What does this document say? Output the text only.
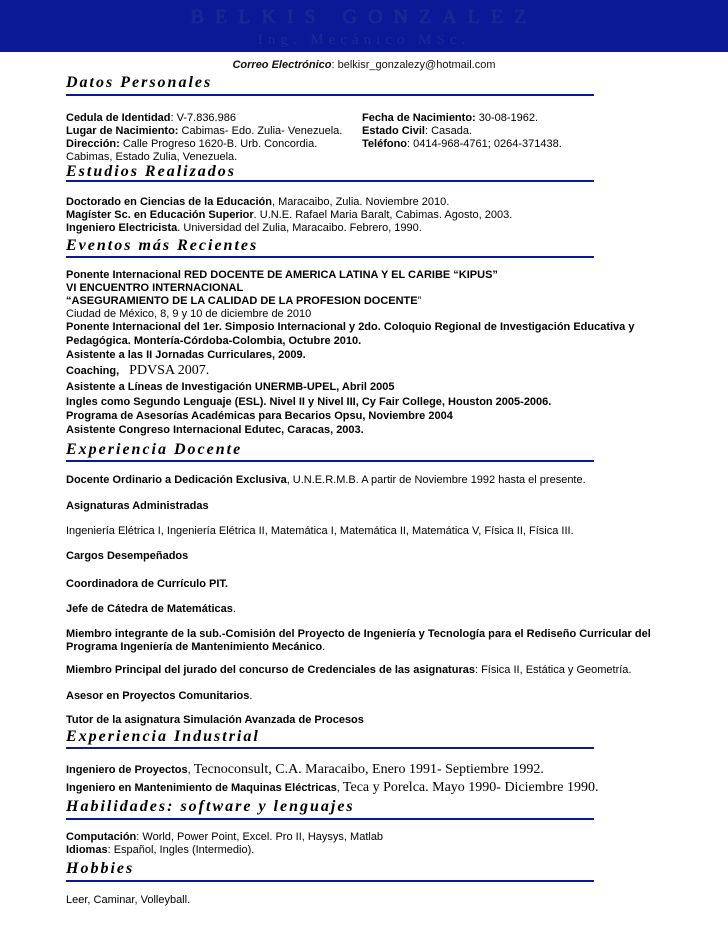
BELKIS GONZALEZ
Ing. Mecánico MSc.
Correo Electrónico: belkisr_gonzalezy@hotmail.com
Datos Personales
Cedula de Identidad: V-7.836.986
Lugar de Nacimiento: Cabimas- Edo. Zulia- Venezuela.
Dirección: Calle Progreso 1620-B. Urb. Concordia.
Cabimas, Estado Zulia, Venezuela.
Fecha de Nacimiento: 30-08-1962.
Estado Civil: Casada.
Teléfono: 0414-968-4761; 0264-371438.
Estudios Realizados
Doctorado en Ciencias de la Educación, Maracaibo, Zulia. Noviembre 2010.
Magíster Sc. en Educación Superior. U.N.E. Rafael Maria Baralt, Cabimas. Agosto, 2003.
Ingeniero Electricista. Universidad del Zulia, Maracaibo. Febrero, 1990.
Eventos más Recientes
Ponente Internacional RED DOCENTE DE AMERICA LATINA Y EL CARIBE “KIPUS”
VI ENCUENTRO INTERNACIONAL
“ASEGURAMIENTO DE LA CALIDAD DE LA PROFESION DOCENTE”
Ciudad de México, 8, 9 y 10 de diciembre de 2010
Ponente Internacional del 1er. Simposio Internacional y 2do. Coloquio Regional de Investigación Educativa y
Pedagógica. Montería-Córdoba-Colombia, Octubre 2010.
Asistente a las II Jornadas Curriculares, 2009.
Coaching, PDVSA 2007.
Asistente a Líneas de Investigación UNERMB-UPEL, Abril 2005
Ingles como Segundo Lenguaje (ESL). Nivel II y Nivel III, Cy Fair College, Houston 2005-2006.
Programa de Asesorías Académicas para Becarios Opsu, Noviembre 2004
Asistente Congreso Internacional Edutec, Caracas, 2003.
Experiencia Docente
Docente Ordinario a Dedicación Exclusiva, U.N.E.R.M.B. A partir de Noviembre 1992 hasta el presente.
Asignaturas Administradas
Ingeniería Elétrica I, Ingeniería Elétrica II, Matemática I, Matemática II, Matemática V, Física II, Física III.
Cargos Desempeñados
Coordinadora de Currículo PIT.
Jefe de Cátedra de Matemáticas.
Miembro integrante de la sub.-Comisión del Proyecto de Ingeniería y Tecnología para el Rediseño Curricular del
Programa Ingeniería de Mantenimiento Mecánico.
Miembro Principal del jurado del concurso de Credenciales de las asignaturas: Física II, Estática y Geometría.
Asesor en Proyectos Comunitarios.
Tutor de la asignatura Simulación Avanzada de Procesos
Experiencia Industrial
Ingeniero de Proyectos, Tecnoconsult, C.A. Maracaibo, Enero 1991- Septiembre 1992.
Ingeniero en Mantenimiento de Maquinas Eléctricas, Teca y Porelca. Mayo 1990- Diciembre 1990.
Habilidades: software y lenguajes
Computación: World, Power Point, Excel. Pro II, Haysys, Matlab
Idiomas: Español, Ingles (Intermedio).
Hobbies
Leer, Caminar, Volleyball.
